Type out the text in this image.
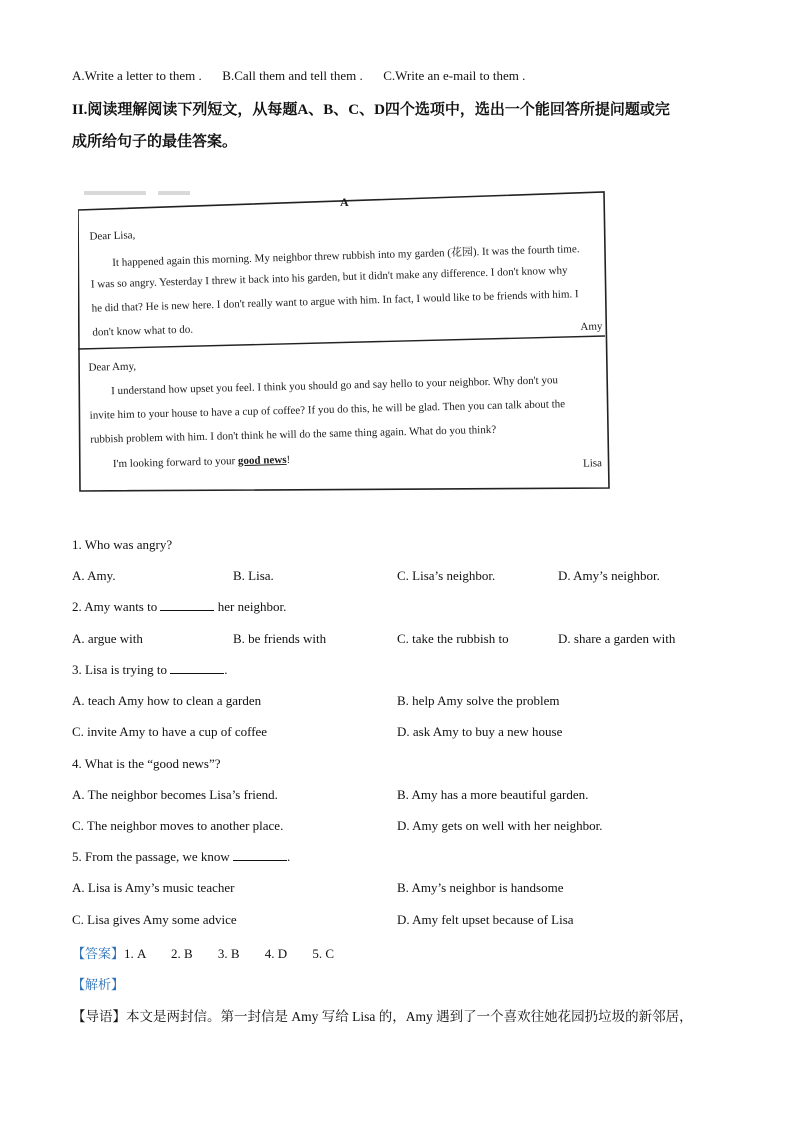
A.Write a letter to them . B.Call them and tell them . C.Write an e-mail to them .
II.阅读理解阅读下列短文，从每题A、B、C、D四个选项中，选出一个能回答所提问题或完
成所给句子的最佳答案。
A
Dear Lisa,
It happened again this morning. My neighbor threw rubbish into my garden (花园). It was the fourth time.
I was so angry. Yesterday I threw it back into his garden, but it didn't make any difference. I don't know why
he did that? He is new here. I don't really want to argue with him. In fact, I would like to be friends with him. I
don't know what to do.	Amy
Dear Amy,
I understand how upset you feel. I think you should go and say hello to your neighbor. Why don't you
invite him to your house to have a cup of coffee? If you do this, he will be glad. Then you can talk about the
rubbish problem with him. I don't think he will do the same thing again. What do you think?
I'm looking forward to your good news!	Lisa
1. Who was angry?
A. Amy.	B. Lisa.	C. Lisa’s neighbor.	D. Amy’s neighbor.
2. Amy wants to	her neighbor.
A. argue with	B. be friends with	C. take the rubbish to	D. share a garden with
3. Lisa is trying to	.
A. teach Amy how to clean a garden	B. help Amy solve the problem
C. invite Amy to have a cup of coffee	D. ask Amy to buy a new house
4. What is the “good news”?
A. The neighbor becomes Lisa’s friend.	B. Amy has a more beautiful garden.
C. The neighbor moves to another place.	D. Amy gets on well with her neighbor.
5. From the passage, we know	.
A. Lisa is Amy’s music teacher	B. Amy’s neighbor is handsome
C. Lisa gives Amy some advice	D. Amy felt upset because of Lisa
【答案】1. A 2. B 3. B 4. D 5. C
【解析】
【导语】本文是两封信。第一封信是 Amy 写给 Lisa 的，Amy 遇到了一个喜欢往她花园扔垃圾的新邻居，
